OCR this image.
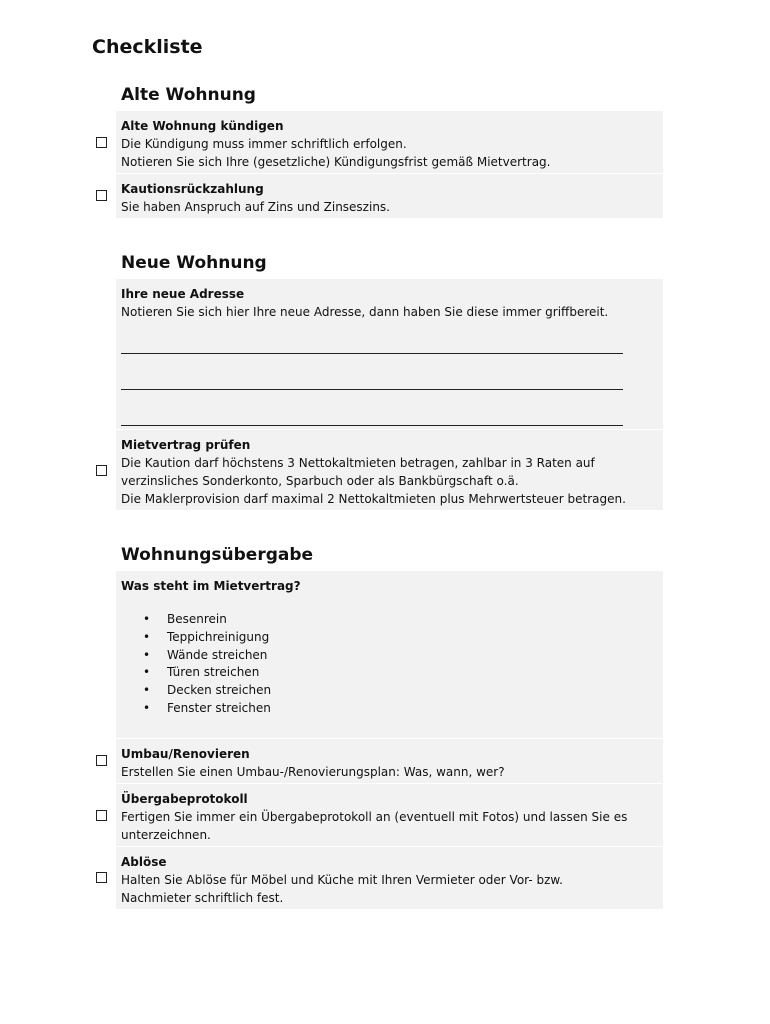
Checkliste
Alte Wohnung
Alte Wohnung kündigen
Die Kündigung muss immer schriftlich erfolgen.
Notieren Sie sich Ihre (gesetzliche) Kündigungsfrist gemäß Mietvertrag.
Kautionsrückzahlung
Sie haben Anspruch auf Zins und Zinseszins.
Neue Wohnung
Ihre neue Adresse
Notieren Sie sich hier Ihre neue Adresse, dann haben Sie diese immer griffbereit.
Mietvertrag prüfen
Die Kaution darf höchstens 3 Nettokaltmieten betragen, zahlbar in 3 Raten auf
verzinsliches Sonderkonto, Sparbuch oder als Bankbürgschaft o.ä.
Die Maklerprovision darf maximal 2 Nettokaltmieten plus Mehrwertsteuer betragen.
Wohnungsübergabe
Was steht im Mietvertrag?
• Besenrein
• Teppichreinigung
• Wände streichen
• Türen streichen
• Decken streichen
• Fenster streichen
Umbau/Renovieren
Erstellen Sie einen Umbau-/Renovierungsplan: Was, wann, wer?
Übergabeprotokoll
Fertigen Sie immer ein Übergabeprotokoll an (eventuell mit Fotos) und lassen Sie es
unterzeichnen.
Ablöse
Halten Sie Ablöse für Möbel und Küche mit Ihren Vermieter oder Vor- bzw.
Nachmieter schriftlich fest.
